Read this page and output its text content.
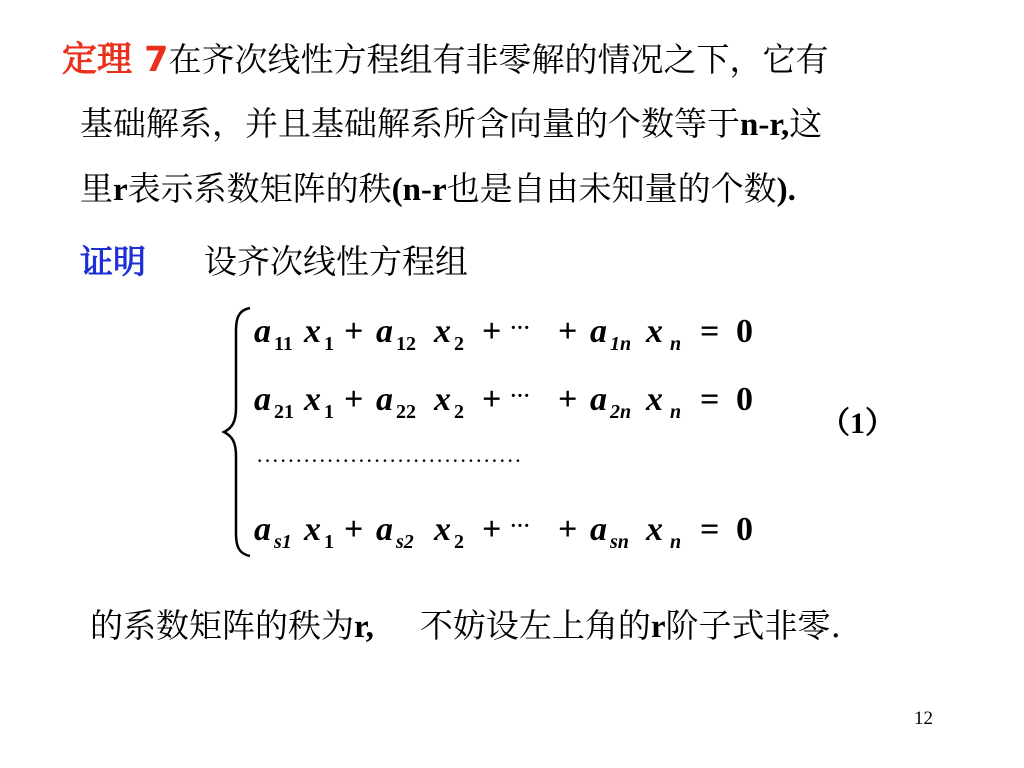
定理 7在齐次线性方程组有非零解的情况之下，它有
基础解系，并且基础解系所含向量的个数等于n-r,这
里r表示系数矩阵的秩(n-r也是自由未知量的个数).
证明 设齐次线性方程组
a 11 x 1 + a 12 x 2 + ··· + a 1n x n = 0
a 21 x 1 + a 22 x 2 + ··· + a 2n x n = 0
a s1 x 1 + a s2 x 2 + ··· + a sn x n = 0
··································
（1）
的系数矩阵的秩为r, 不妨设左上角的r阶子式非零.
12
